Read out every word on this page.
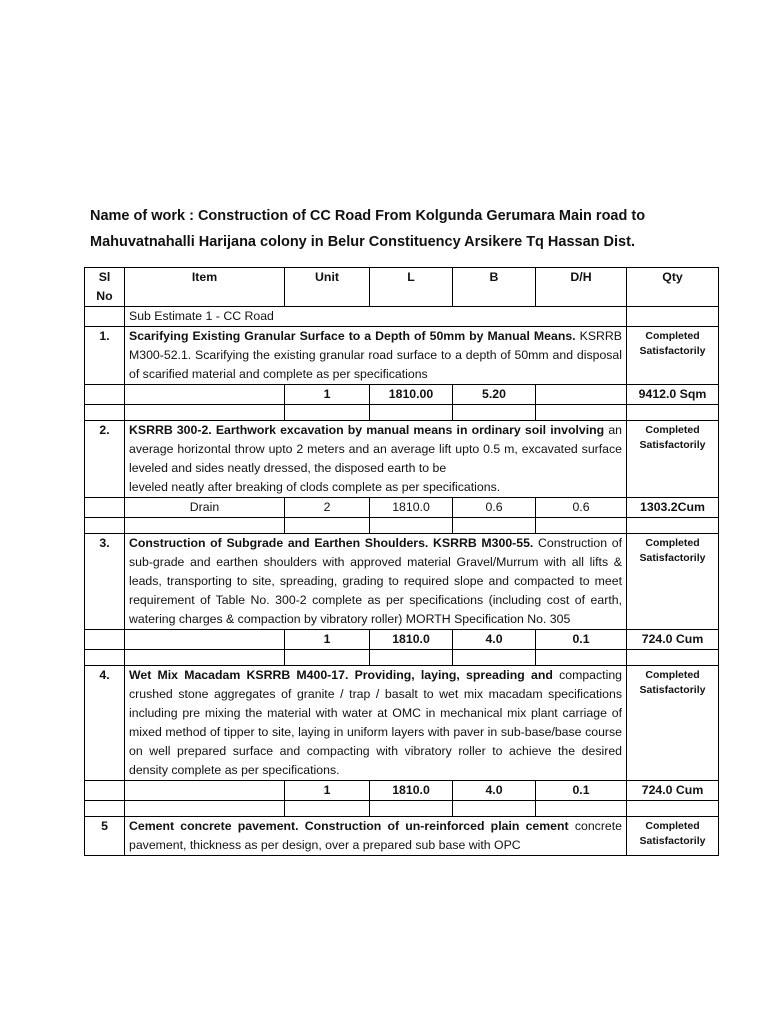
Name of work : Construction of CC Road From Kolgunda Gerumara Main road to
Mahuvatnahalli Harijana colony in Belur Constituency Arsikere Tq Hassan Dist.
Sl No	Item	Unit	L	B	D/H	Qty
	Sub Estimate 1 - CC Road					
1.	Scarifying Existing Granular Surface to a Depth of 50mm by Manual Means. KSRRB M300-52.1. Scarifying the existing granular road surface to a depth of 50mm and disposal of scarified material and complete as per specifications					Completed Satisfactorily
		1	1810.00	5.20		9412.0 Sqm

2.	KSRRB 300-2. Earthwork excavation by manual means in ordinary soil involving an average horizontal throw upto 2 meters and an average lift upto 0.5 m, excavated surface leveled and sides neatly dressed, the disposed earth to be
leveled neatly after breaking of clods complete as per specifications.					Completed Satisfactorily
	Drain	2	1810.0	0.6	0.6	1303.2Cum

3.	Construction of Subgrade and Earthen Shoulders. KSRRB M300-55. Construction of sub-grade and earthen shoulders with approved material Gravel/Murrum with all lifts & leads, transporting to site, spreading, grading to required slope and compacted to meet requirement of Table No. 300-2 complete as per specifications (including cost of earth, watering charges & compaction by vibratory roller) MORTH Specification No. 305					Completed Satisfactorily
		1	1810.0	4.0	0.1	724.0 Cum

4.	Wet Mix Macadam KSRRB M400-17. Providing, laying, spreading and compacting crushed stone aggregates of granite / trap / basalt to wet mix macadam specifications including pre mixing the material with water at OMC in mechanical mix plant carriage of mixed method of tipper to site, laying in uniform layers with paver in sub-base/base course on well prepared surface and compacting with vibratory roller to achieve the desired density complete as per specifications.					Completed Satisfactorily
		1	1810.0	4.0	0.1	724.0 Cum

5	Cement concrete pavement. Construction of un-reinforced plain cement concrete pavement, thickness as per design, over a prepared sub base with OPC					Completed Satisfactorily
